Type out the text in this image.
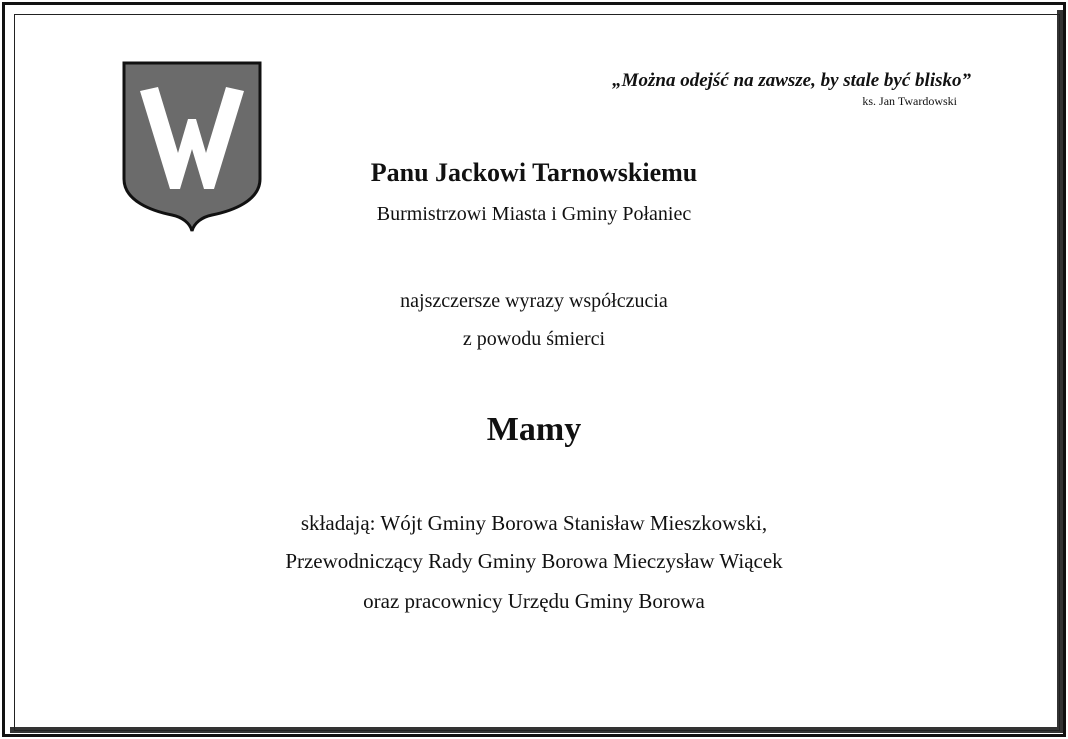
„Można odejść na zawsze, by stale być blisko”
ks. Jan Twardowski
Panu Jackowi Tarnowskiemu
Burmistrzowi Miasta i Gminy Połaniec
najszczersze wyrazy współczucia
z powodu śmierci
Mamy
składają: Wójt Gminy Borowa Stanisław Mieszkowski,
Przewodniczący Rady Gminy Borowa Mieczysław Wiącek
oraz pracownicy Urzędu Gminy Borowa
